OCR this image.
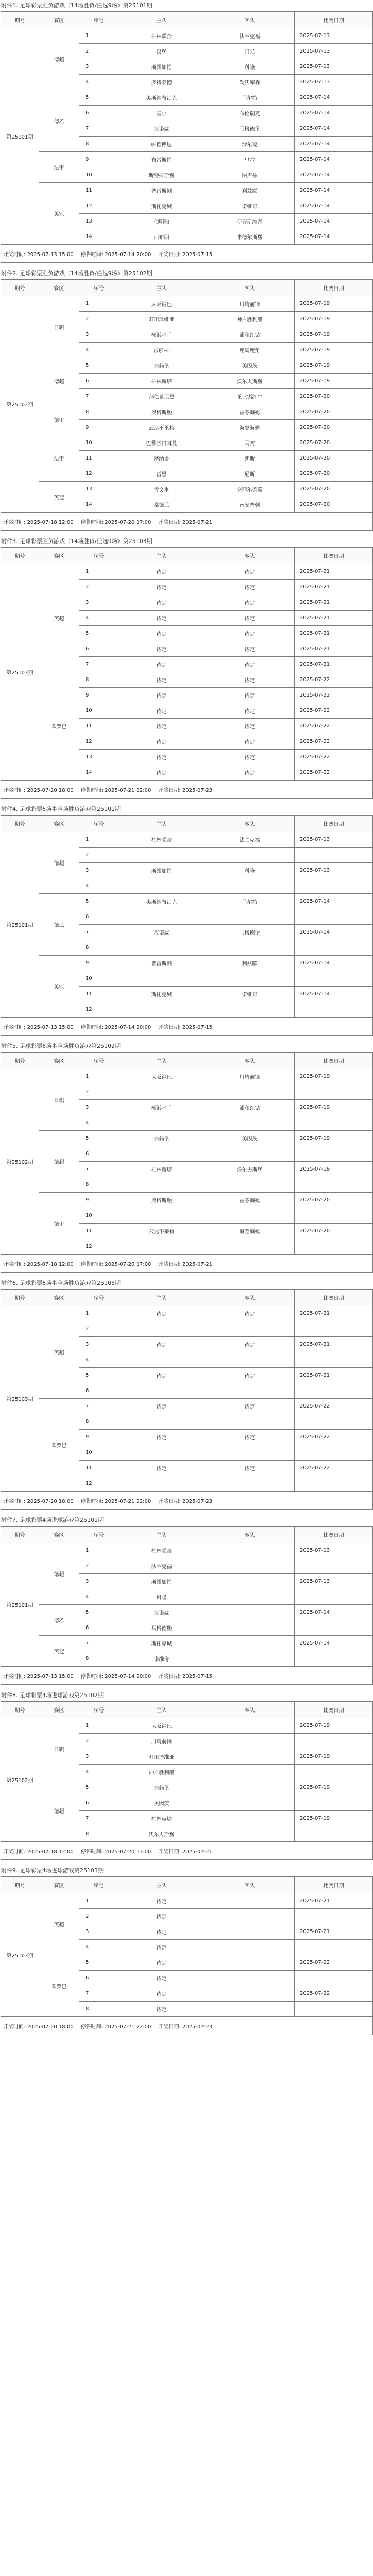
附件1. 足球彩票胜负游戏（14场胜负/任选9场）第25101期
期号	赛区	序号	主队	客队	比赛日期
第25101期	德超	1	柏林联合	法兰克福	2025-07-13
		2	汉堡	门兴	2025-07-13
		3	斯图加特	科隆	2025-07-13
		4	多特蒙德	勒沃库森	2025-07-13
	德乙	5	奥斯纳布吕克	菲尔特	2025-07-14
		6	基尔	布伦瑞克	2025-07-14
		7	汉诺威	马格德堡	2025-07-14
		8	帕德博恩	沙尔克	2025-07-14
	法甲	9	布雷斯特	里尔	2025-07-14
		10	斯特拉斯堡	图卢兹	2025-07-14
	英冠	11	普雷斯顿	利兹联	2025-07-14
		12	斯托克城	诺维奇	2025-07-14
		13	伯明翰	伊普斯维奇	2025-07-14
		14	西布朗	米德尔斯堡	2025-07-14
开奖时间: 2025-07-13 15:00 停售时间: 2025-07-14 20:00 开奖日期: 2025-07-15					
附件2. 足球彩票胜负游戏（14场胜负/任选9场）第25102期
期号	赛区	序号	主队	客队	比赛日期
第25102期	日职	1	大阪钢巴	川崎前锋	2025-07-19
		2	町田泽维亚	神户胜利船	2025-07-19
		3	横浜水手	浦和红钻	2025-07-19
		4	东京FC	鹿岛鹿角	2025-07-19
	德超	5	弗赖堡	美因茨	2025-07-19
		6	柏林赫塔	沃尔夫斯堡	2025-07-19
		7	拜仁慕尼黑	莱比锡红牛	2025-07-20
	德甲	8	奥格斯堡	霍芬海姆	2025-07-20
		9	云达不莱梅	海登海姆	2025-07-20
	法甲	10	巴黎圣日耳曼	马赛	2025-07-20
		11	摩纳哥	朗斯	2025-07-20
		12	雷恩	尼斯	2025-07-20
	英冠	13	考文垂	谢菲尔德联	2025-07-20
		14	桑德兰	南安普顿	2025-07-20
开奖时间: 2025-07-18 12:00 停售时间: 2025-07-20 17:00 开奖日期: 2025-07-21					
附件3. 足球彩票胜负游戏（14场胜负/任选9场）第25103期
期号	赛区	序号	主队	客队	比赛日期
第25103期	英超	1	待定	待定	2025-07-21
		2	待定	待定	2025-07-21
		3	待定	待定	2025-07-21
		4	待定	待定	2025-07-21
		5	待定	待定	2025-07-21
		6	待定	待定	2025-07-21
		7	待定	待定	2025-07-21
	欧罗巴	8	待定	待定	2025-07-22
		9	待定	待定	2025-07-22
		10	待定	待定	2025-07-22
		11	待定	待定	2025-07-22
		12	待定	待定	2025-07-22
		13	待定	待定	2025-07-22
		14	待定	待定	2025-07-22
开奖时间: 2025-07-20 18:00 停售时间: 2025-07-21 22:00 开奖日期: 2025-07-23					
附件4. 足球彩票6场半全场胜负游戏第25101期
期号	赛区	序号	主队	客队	比赛日期
第25101期	德超	1	柏林联合	法兰克福	2025-07-13
		2			
		3	斯图加特	科隆	2025-07-13
		4			
	德乙	5	奥斯纳布吕克	菲尔特	2025-07-14
		6			
		7	汉诺威	马格德堡	2025-07-14
		8			
	英冠	9	普雷斯顿	利兹联	2025-07-14
		10			
		11	斯托克城	诺维奇	2025-07-14
		12			
开奖时间: 2025-07-13 15:00 停售时间: 2025-07-14 20:00 开奖日期: 2025-07-15					
附件5. 足球彩票6场半全场胜负游戏第25102期
期号	赛区	序号	主队	客队	比赛日期
第25102期	日职	1	大阪钢巴	川崎前锋	2025-07-19
		2			
		3	横浜水手	浦和红钻	2025-07-19
		4			
	德超	5	弗赖堡	美因茨	2025-07-19
		6			
		7	柏林赫塔	沃尔夫斯堡	2025-07-19
		8			
	德甲	9	奥格斯堡	霍芬海姆	2025-07-20
		10			
		11	云达不莱梅	海登海姆	2025-07-20
		12			
开奖时间: 2025-07-18 12:00 停售时间: 2025-07-20 17:00 开奖日期: 2025-07-21					
附件6. 足球彩票6场半全场胜负游戏第25103期
期号	赛区	序号	主队	客队	比赛日期
第25103期	英超	1	待定	待定	2025-07-21
		2			
		3	待定	待定	2025-07-21
		4			
		5	待定	待定	2025-07-21
		6			
	欧罗巴	7	待定	待定	2025-07-22
		8			
		9	待定	待定	2025-07-22
		10			
		11	待定	待定	2025-07-22
		12			
开奖时间: 2025-07-20 18:00 停售时间: 2025-07-21 22:00 开奖日期: 2025-07-23					
附件7. 足球彩票4场进球游戏第25101期
期号	赛区	序号	主队	客队	比赛日期
第25101期	德超	1	柏林联合		2025-07-13
		2	法兰克福		
		3	斯图加特		2025-07-13
		4	科隆		
	德乙	5	汉诺威		2025-07-14
		6	马格德堡		
	英冠	7	斯托克城		2025-07-14
		8	诺维奇		
开奖时间: 2025-07-13 15:00 停售时间: 2025-07-14 20:00 开奖日期: 2025-07-15					
附件8. 足球彩票4场进球游戏第25102期
期号	赛区	序号	主队	客队	比赛日期
第25102期	日职	1	大阪钢巴		2025-07-19
		2	川崎前锋		
		3	町田泽维亚		2025-07-19
		4	神户胜利船		
	德超	5	弗赖堡		2025-07-19
		6	美因茨		
		7	柏林赫塔		2025-07-19
		8	沃尔夫斯堡		
开奖时间: 2025-07-18 12:00 停售时间: 2025-07-20 17:00 开奖日期: 2025-07-21					
附件9. 足球彩票4场进球游戏第25103期
期号	赛区	序号	主队	客队	比赛日期
第25103期	英超	1	待定		2025-07-21
		2	待定		
		3	待定		2025-07-21
		4	待定		
	欧罗巴	5	待定		2025-07-22
		6	待定		
		7	待定		2025-07-22
		8	待定		
开奖时间: 2025-07-20 18:00 停售时间: 2025-07-21 22:00 开奖日期: 2025-07-23					
